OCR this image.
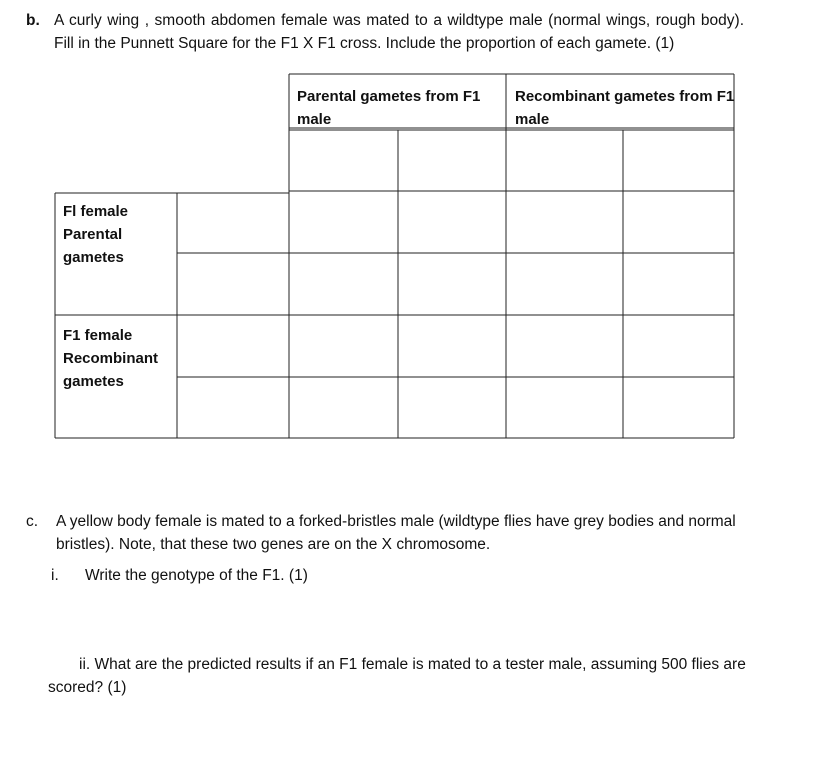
b. A curly wing , smooth abdomen female was mated to a wildtype male (normal wings, rough body). Fill in the Punnett Square for the F1 X F1 cross. Include the proportion of each gamete. (1)
Parental gametes from F1 male
Recombinant gametes from F1 male
Fl female
Parental
gametes
F1 female
Recombinant
gametes
c. A yellow body female is mated to a forked-bristles male (wildtype flies have grey bodies and normal bristles). Note, that these two genes are on the X chromosome.
i. Write the genotype of the F1. (1)
ii. What are the predicted results if an F1 female is mated to a tester male, assuming 500 flies are scored? (1)
